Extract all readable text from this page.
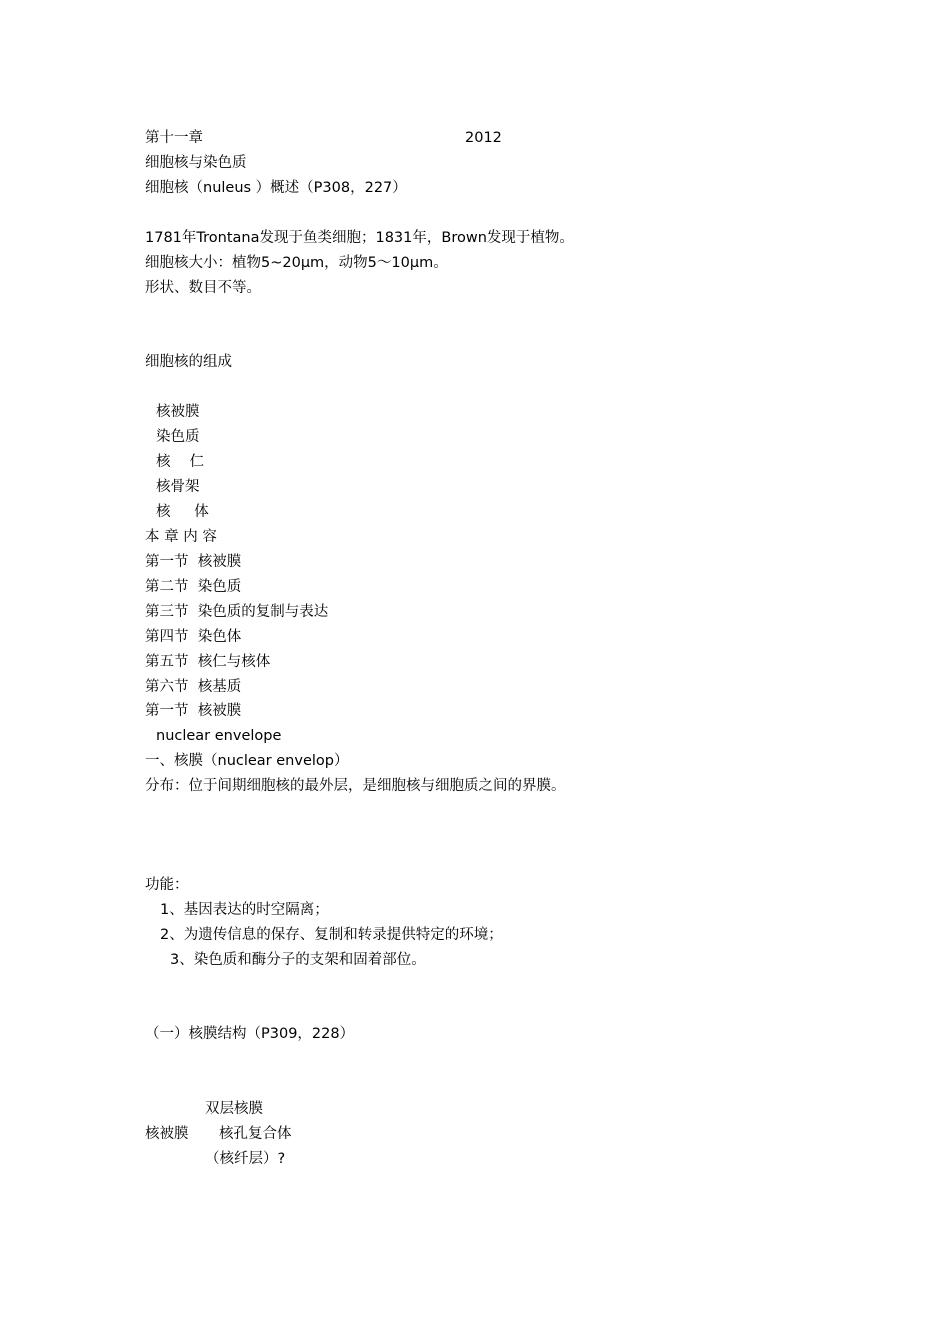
第十一章	2012
细胞核与染色质
细胞核（nuleus ）概述（P308，227）
1781年Trontana发现于鱼类细胞；1831年，Brown发现于植物。
细胞核大小：植物5~20μm，动物5～10μm。
形状、数目不等。
细胞核的组成
核被膜
染色质
核　 仁
核骨架
核　  体
本 章 内 容
第一节  核被膜
第二节  染色质
第三节  染色质的复制与表达
第四节  染色体
第五节  核仁与核体
第六节  核基质
第一节  核被膜
nuclear envelope
一、核膜（nuclear envelop）
分布：位于间期细胞核的最外层，是细胞核与细胞质之间的界膜。
功能：
1、基因表达的时空隔离；
2、为遗传信息的保存、复制和转录提供特定的环境；
3、染色质和酶分子的支架和固着部位。
（一）核膜结构（P309，228）
双层核膜
核被膜 核孔复合体
（核纤层）?
